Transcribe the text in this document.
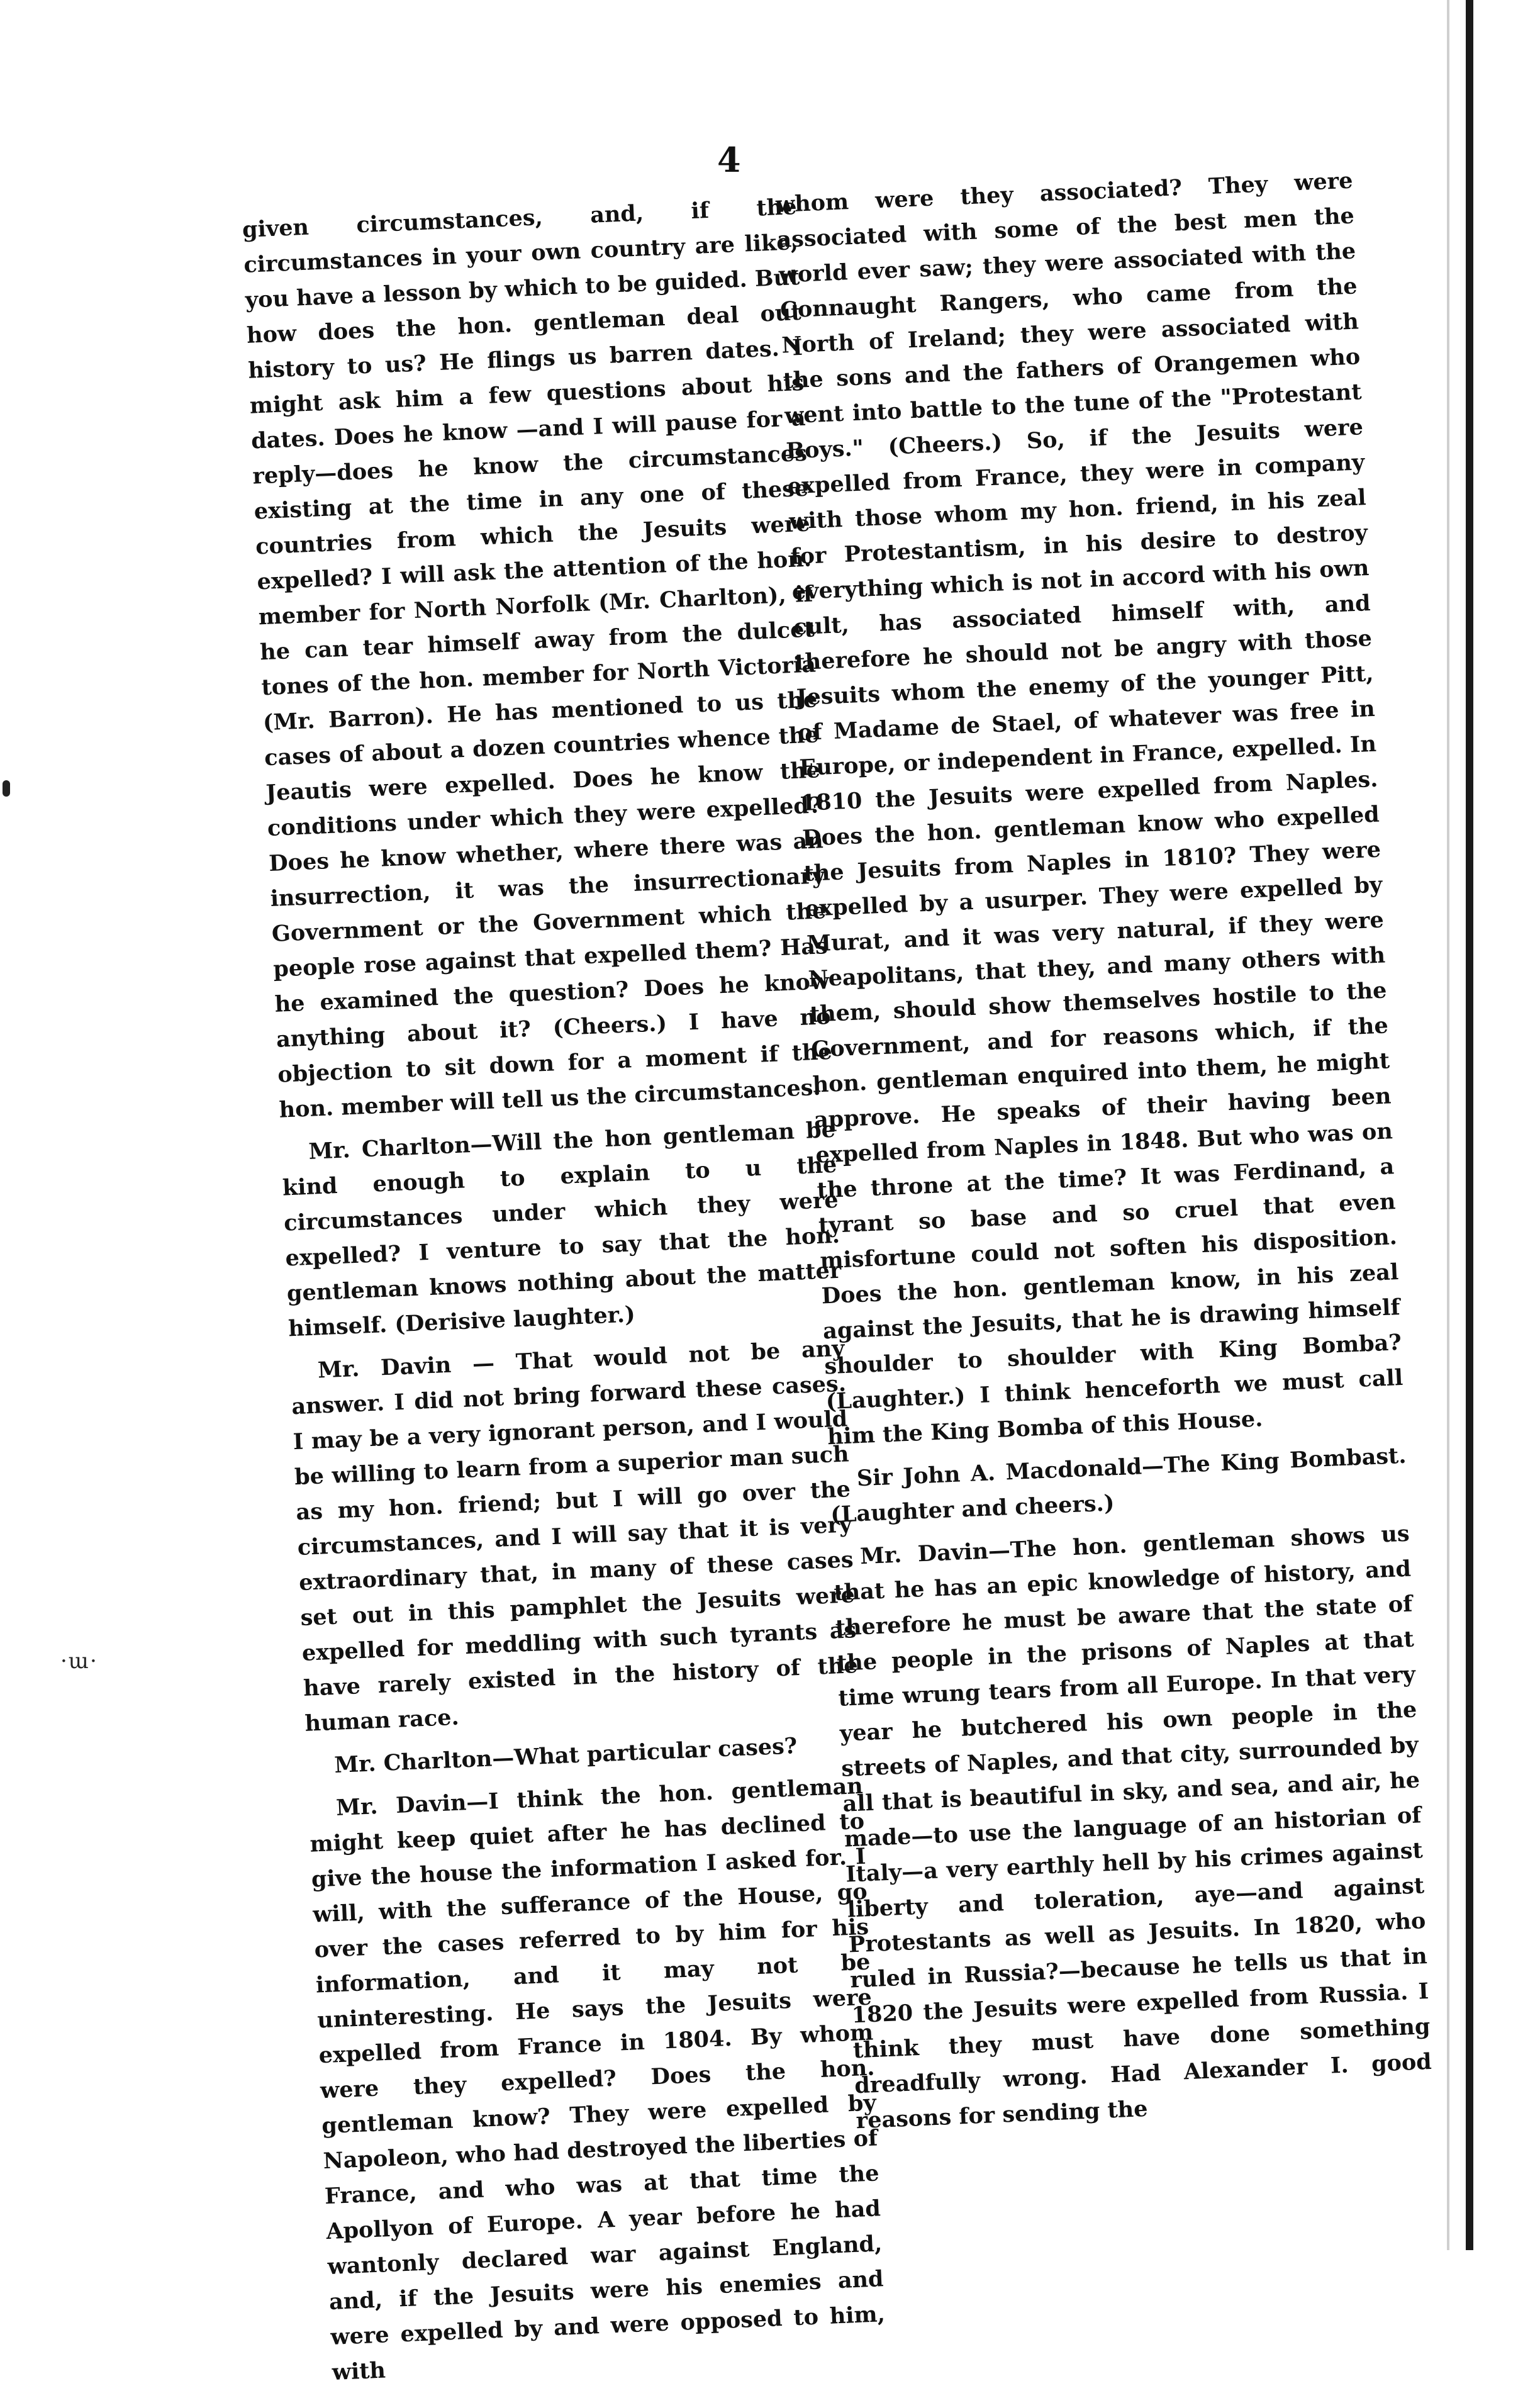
·ɯ·
4

given circumstances, and, if the circumstances in your own country are like, you have a lesson by which to be guided. But how does the hon. gentleman deal out history to us? He flings us barren dates. I might ask him a few questions about his dates. Does he know —and I will pause for a reply—does he know the circumstances existing at the time in any one of these countries from which the Jesuits were expelled? I will ask the attention of the hon. member for North Norfolk (Mr. Charlton), if he can tear himself away from the dulcet tones of the hon. member for North Victoria (Mr. Barron). He has mentioned to us the cases of about a dozen countries whence the Jeautis were expelled. Does he know the conditions under which they were expelled? Does he know whether, where there was an insurrection, it was the insurrectionary Government or the Government which the people rose against that expelled them? Has he examined the question? Does he know anything about it? (Cheers.) I have no objection to sit down for a moment if the hon. member will tell us the circumstances.

Mr. Charlton—Will the hon gentleman be kind enough to explain to u the circumstances under which they were expelled? I venture to say that the hon. gentleman knows nothing about the matter himself. (Derisive laughter.)

Mr. Davin — That would not be any answer. I did not bring forward these cases. I may be a very ignorant person, and I would be willing to learn from a superior man such as my hon. friend; but I will go over the circumstances, and I will say that it is very extraordinary that, in many of these cases set out in this pamphlet the Jesuits were expelled for meddling with such tyrants as have rarely existed in the history of the human race.

Mr. Charlton—What particular cases?

Mr. Davin—I think the hon. gentleman might keep quiet after he has declined to give the house the information I asked for. I will, with the sufferance of the House, go over the cases referred to by him for his information, and it may not be uninteresting. He says the Jesuits were expelled from France in 1804. By whom were they expelled? Does the hon. gentleman know? They were expelled by Napoleon, who had destroyed the liberties of France, and who was at that time the Apollyon of Europe. A year before he had wantonly declared war against England, and, if the Jesuits were his enemies and were expelled by and were opposed to him, with

whom were they associated? They were associated with some of the best men the world ever saw; they were associated with the Connaught Rangers, who came from the North of Ireland; they were associated with the sons and the fathers of Orangemen who went into battle to the tune of the "Protestant Boys." (Cheers.) So, if the Jesuits were expelled from France, they were in company with those whom my hon. friend, in his zeal for Protestantism, in his desire to destroy everything which is not in accord with his own cult, has associated himself with, and therefore he should not be angry with those Jesuits whom the enemy of the younger Pitt, of Madame de Stael, of whatever was free in Europe, or independent in France, expelled. In 1810 the Jesuits were expelled from Naples. Does the hon. gentleman know who expelled the Jesuits from Naples in 1810? They were expelled by a usurper. They were expelled by Murat, and it was very natural, if they were Neapolitans, that they, and many others with them, should show themselves hostile to the Government, and for reasons which, if the hon. gentleman enquired into them, he might approve. He speaks of their having been expelled from Naples in 1848. But who was on the throne at the time? It was Ferdinand, a tyrant so base and so cruel that even misfortune could not soften his disposition. Does the hon. gentleman know, in his zeal against the Jesuits, that he is drawing himself shoulder to shoulder with King Bomba? (Laughter.) I think henceforth we must call him the King Bomba of this House.

Sir John A. Macdonald—The King Bombast. (Laughter and cheers.)

Mr. Davin—The hon. gentleman shows us that he has an epic knowledge of history, and therefore he must be aware that the state of the people in the prisons of Naples at that time wrung tears from all Europe. In that very year he butchered his own people in the streets of Naples, and that city, surrounded by all that is beautiful in sky, and sea, and air, he made—to use the language of an historian of Italy—a very earthly hell by his crimes against liberty and toleration, aye—and against Protestants as well as Jesuits. In 1820, who ruled in Russia?—because he tells us that in 1820 the Jesuits were expelled from Russia. I think they must have done something dreadfully wrong. Had Alexander I. good reasons for sending the
